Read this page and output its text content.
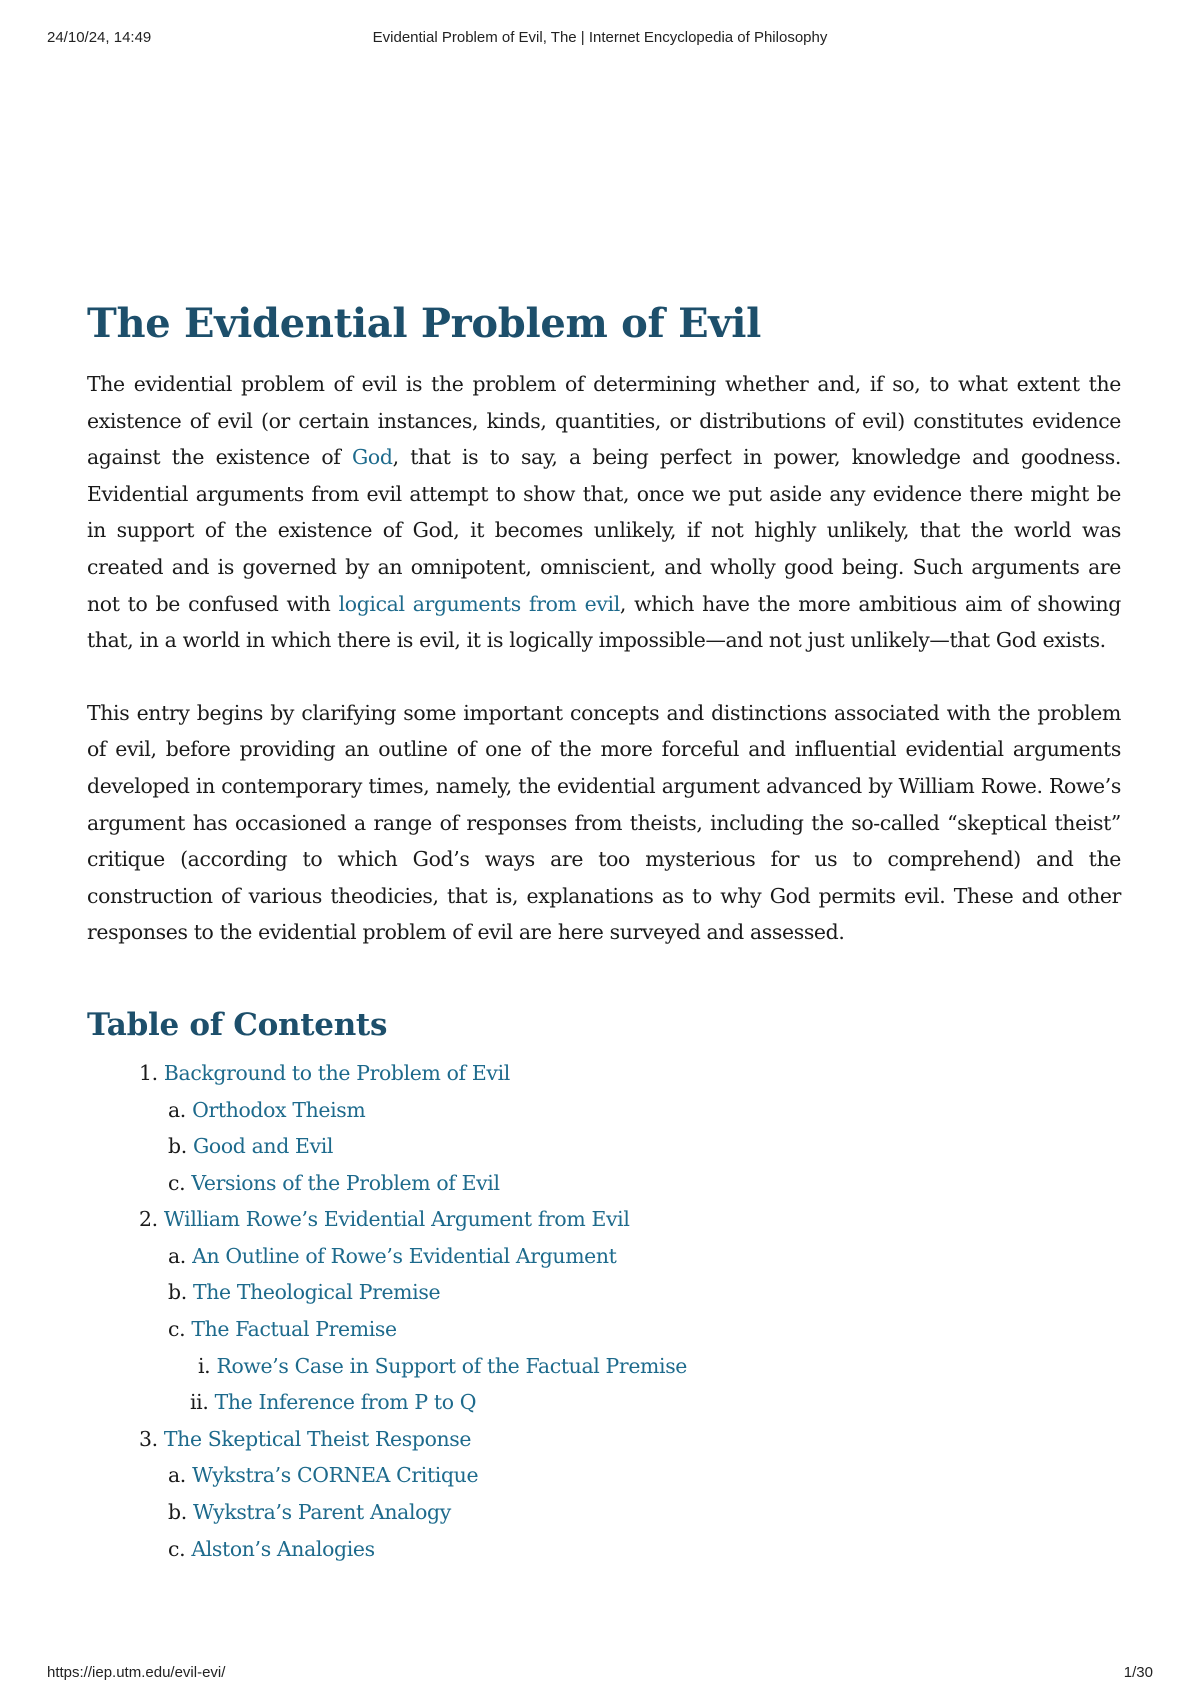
24/10/24, 14:49	Evidential Problem of Evil, The | Internet Encyclopedia of Philosophy
The Evidential Problem of Evil

The evidential problem of evil is the problem of determining whether and, if so, to what extent the existence of evil (or certain instances, kinds, quantities, or distributions of evil) constitutes evidence against the existence of God, that is to say, a being perfect in power, knowledge and goodness. Evidential arguments from evil attempt to show that, once we put aside any evidence there might be in support of the existence of God, it becomes unlikely, if not highly unlikely, that the world was created and is governed by an omnipotent, omniscient, and wholly good being. Such arguments are not to be confused with logical arguments from evil, which have the more ambitious aim of showing that, in a world in which there is evil, it is logically impossible—and not just unlikely—that God exists.

This entry begins by clarifying some important concepts and distinctions associated with the problem of evil, before providing an outline of one of the more forceful and influential evidential arguments developed in contemporary times, namely, the evidential argument advanced by William Rowe. Rowe’s argument has occasioned a range of responses from theists, including the so-called “skeptical theist” critique (according to which God’s ways are too mysterious for us to comprehend) and the construction of various theodicies, that is, explanations as to why God permits evil. These and other responses to the evidential problem of evil are here surveyed and assessed.

Table of Contents
1. Background to the Problem of Evil
a. Orthodox Theism
b. Good and Evil
c. Versions of the Problem of Evil
2. William Rowe’s Evidential Argument from Evil
a. An Outline of Rowe’s Evidential Argument
b. The Theological Premise
c. The Factual Premise
i. Rowe’s Case in Support of the Factual Premise
ii. The Inference from P to Q
3. The Skeptical Theist Response
a. Wykstra’s CORNEA Critique
b. Wykstra’s Parent Analogy
c. Alston’s Analogies
https://iep.utm.edu/evil-evi/	1/30
